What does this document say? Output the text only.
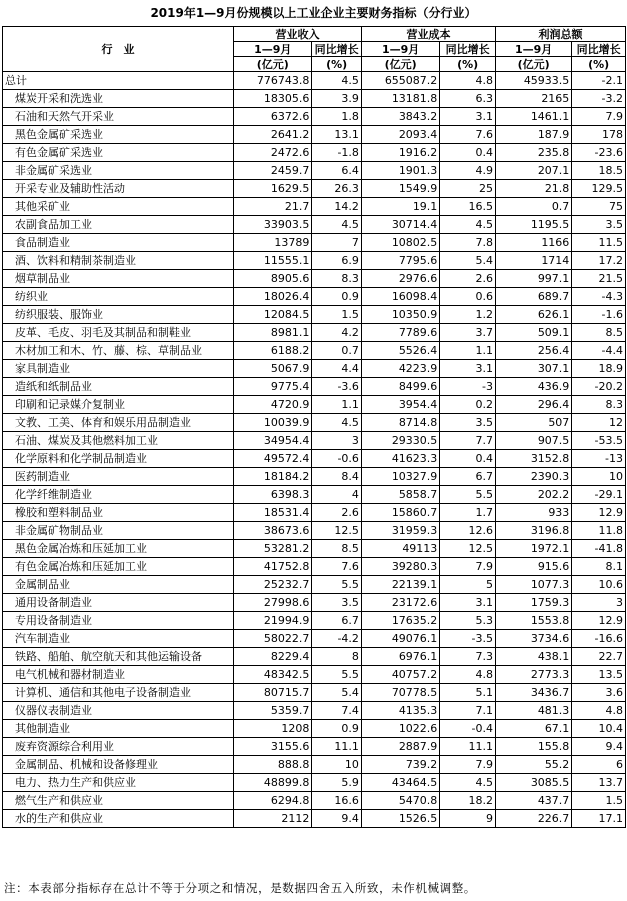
2019年1—9月份规模以上工业企业主要财务指标（分行业）
行　业	营业收入		营业成本		利润总额	
	1—9月	同比增长	1—9月	同比增长	1—9月	同比增长
	(亿元)	(%)	(亿元)	(%)	(亿元)	(%)
总计	776743.8	4.5	655087.2	4.8	45933.5	-2.1
煤炭开采和洗选业	18305.6	3.9	13181.8	6.3	2165	-3.2
石油和天然气开采业	6372.6	1.8	3843.2	3.1	1461.1	7.9
黑色金属矿采选业	2641.2	13.1	2093.4	7.6	187.9	178
有色金属矿采选业	2472.6	-1.8	1916.2	0.4	235.8	-23.6
非金属矿采选业	2459.7	6.4	1901.3	4.9	207.1	18.5
开采专业及辅助性活动	1629.5	26.3	1549.9	25	21.8	129.5
其他采矿业	21.7	14.2	19.1	16.5	0.7	75
农副食品加工业	33903.5	4.5	30714.4	4.5	1195.5	3.5
食品制造业	13789	7	10802.5	7.8	1166	11.5
酒、饮料和精制茶制造业	11555.1	6.9	7795.6	5.4	1714	17.2
烟草制品业	8905.6	8.3	2976.6	2.6	997.1	21.5
纺织业	18026.4	0.9	16098.4	0.6	689.7	-4.3
纺织服装、服饰业	12084.5	1.5	10350.9	1.2	626.1	-1.6
皮革、毛皮、羽毛及其制品和制鞋业	8981.1	4.2	7789.6	3.7	509.1	8.5
木材加工和木、竹、藤、棕、草制品业	6188.2	0.7	5526.4	1.1	256.4	-4.4
家具制造业	5067.9	4.4	4223.9	3.1	307.1	18.9
造纸和纸制品业	9775.4	-3.6	8499.6	-3	436.9	-20.2
印刷和记录媒介复制业	4720.9	1.1	3954.4	0.2	296.4	8.3
文教、工美、体育和娱乐用品制造业	10039.9	4.5	8714.8	3.5	507	12
石油、煤炭及其他燃料加工业	34954.4	3	29330.5	7.7	907.5	-53.5
化学原料和化学制品制造业	49572.4	-0.6	41623.3	0.4	3152.8	-13
医药制造业	18184.2	8.4	10327.9	6.7	2390.3	10
化学纤维制造业	6398.3	4	5858.7	5.5	202.2	-29.1
橡胶和塑料制品业	18531.4	2.6	15860.7	1.7	933	12.9
非金属矿物制品业	38673.6	12.5	31959.3	12.6	3196.8	11.8
黑色金属冶炼和压延加工业	53281.2	8.5	49113	12.5	1972.1	-41.8
有色金属冶炼和压延加工业	41752.8	7.6	39280.3	7.9	915.6	8.1
金属制品业	25232.7	5.5	22139.1	5	1077.3	10.6
通用设备制造业	27998.6	3.5	23172.6	3.1	1759.3	3
专用设备制造业	21994.9	6.7	17635.2	5.3	1553.8	12.9
汽车制造业	58022.7	-4.2	49076.1	-3.5	3734.6	-16.6
铁路、船舶、航空航天和其他运输设备	8229.4	8	6976.1	7.3	438.1	22.7
电气机械和器材制造业	48342.5	5.5	40757.2	4.8	2773.3	13.5
计算机、通信和其他电子设备制造业	80715.7	5.4	70778.5	5.1	3436.7	3.6
仪器仪表制造业	5359.7	7.4	4135.3	7.1	481.3	4.8
其他制造业	1208	0.9	1022.6	-0.4	67.1	10.4
废弃资源综合利用业	3155.6	11.1	2887.9	11.1	155.8	9.4
金属制品、机械和设备修理业	888.8	10	739.2	7.9	55.2	6
电力、热力生产和供应业	48899.8	5.9	43464.5	4.5	3085.5	13.7
燃气生产和供应业	6294.8	16.6	5470.8	18.2	437.7	1.5
水的生产和供应业	2112	9.4	1526.5	9	226.7	17.1
注：本表部分指标存在总计不等于分项之和情况，是数据四舍五入所致，未作机械调整。
